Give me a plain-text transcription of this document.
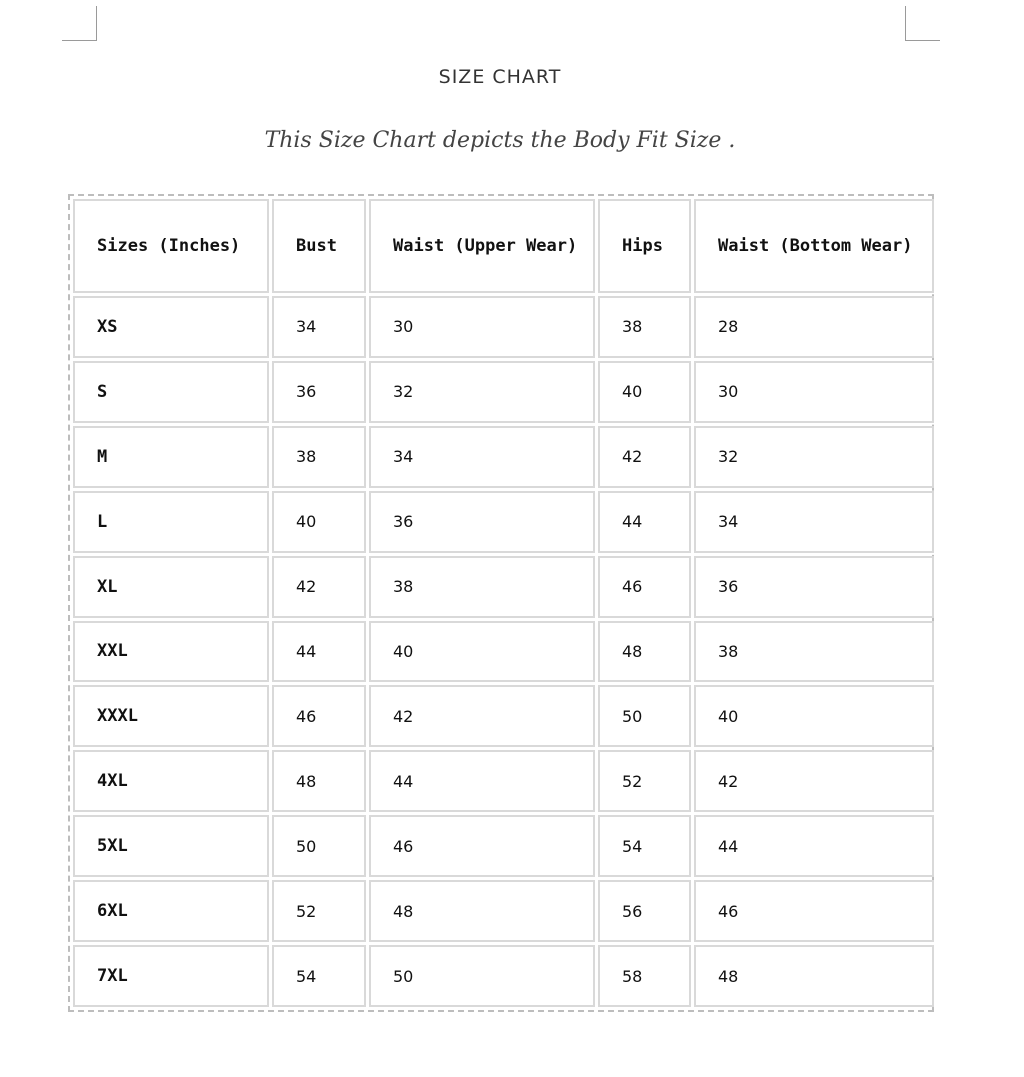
SIZE CHART
This Size Chart depicts the Body Fit Size .
Sizes (Inches)	Bust	Waist (Upper Wear)	Hips	Waist (Bottom Wear)
XS	34	30	38	28
S	36	32	40	30
M	38	34	42	32
L	40	36	44	34
XL	42	38	46	36
XXL	44	40	48	38
XXXL	46	42	50	40
4XL	48	44	52	42
5XL	50	46	54	44
6XL	52	48	56	46
7XL	54	50	58	48
